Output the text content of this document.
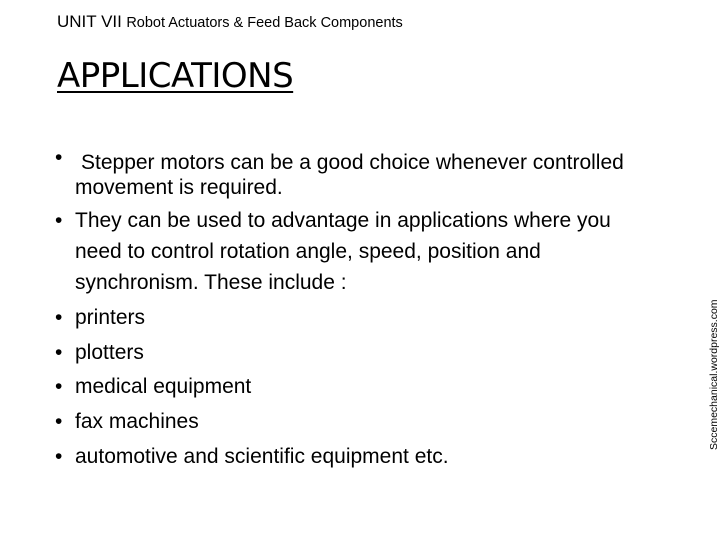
UNIT VII Robot Actuators & Feed Back Components
APPLICATIONS
• Stepper motors can be a good choice whenever controlled movement is required.
• They can be used to advantage in applications where you need to control rotation angle, speed, position and synchronism. These include :
• printers
• plotters
• medical equipment
• fax machines
• automotive and scientific equipment etc.
Sccemechanical.wordpress.com
